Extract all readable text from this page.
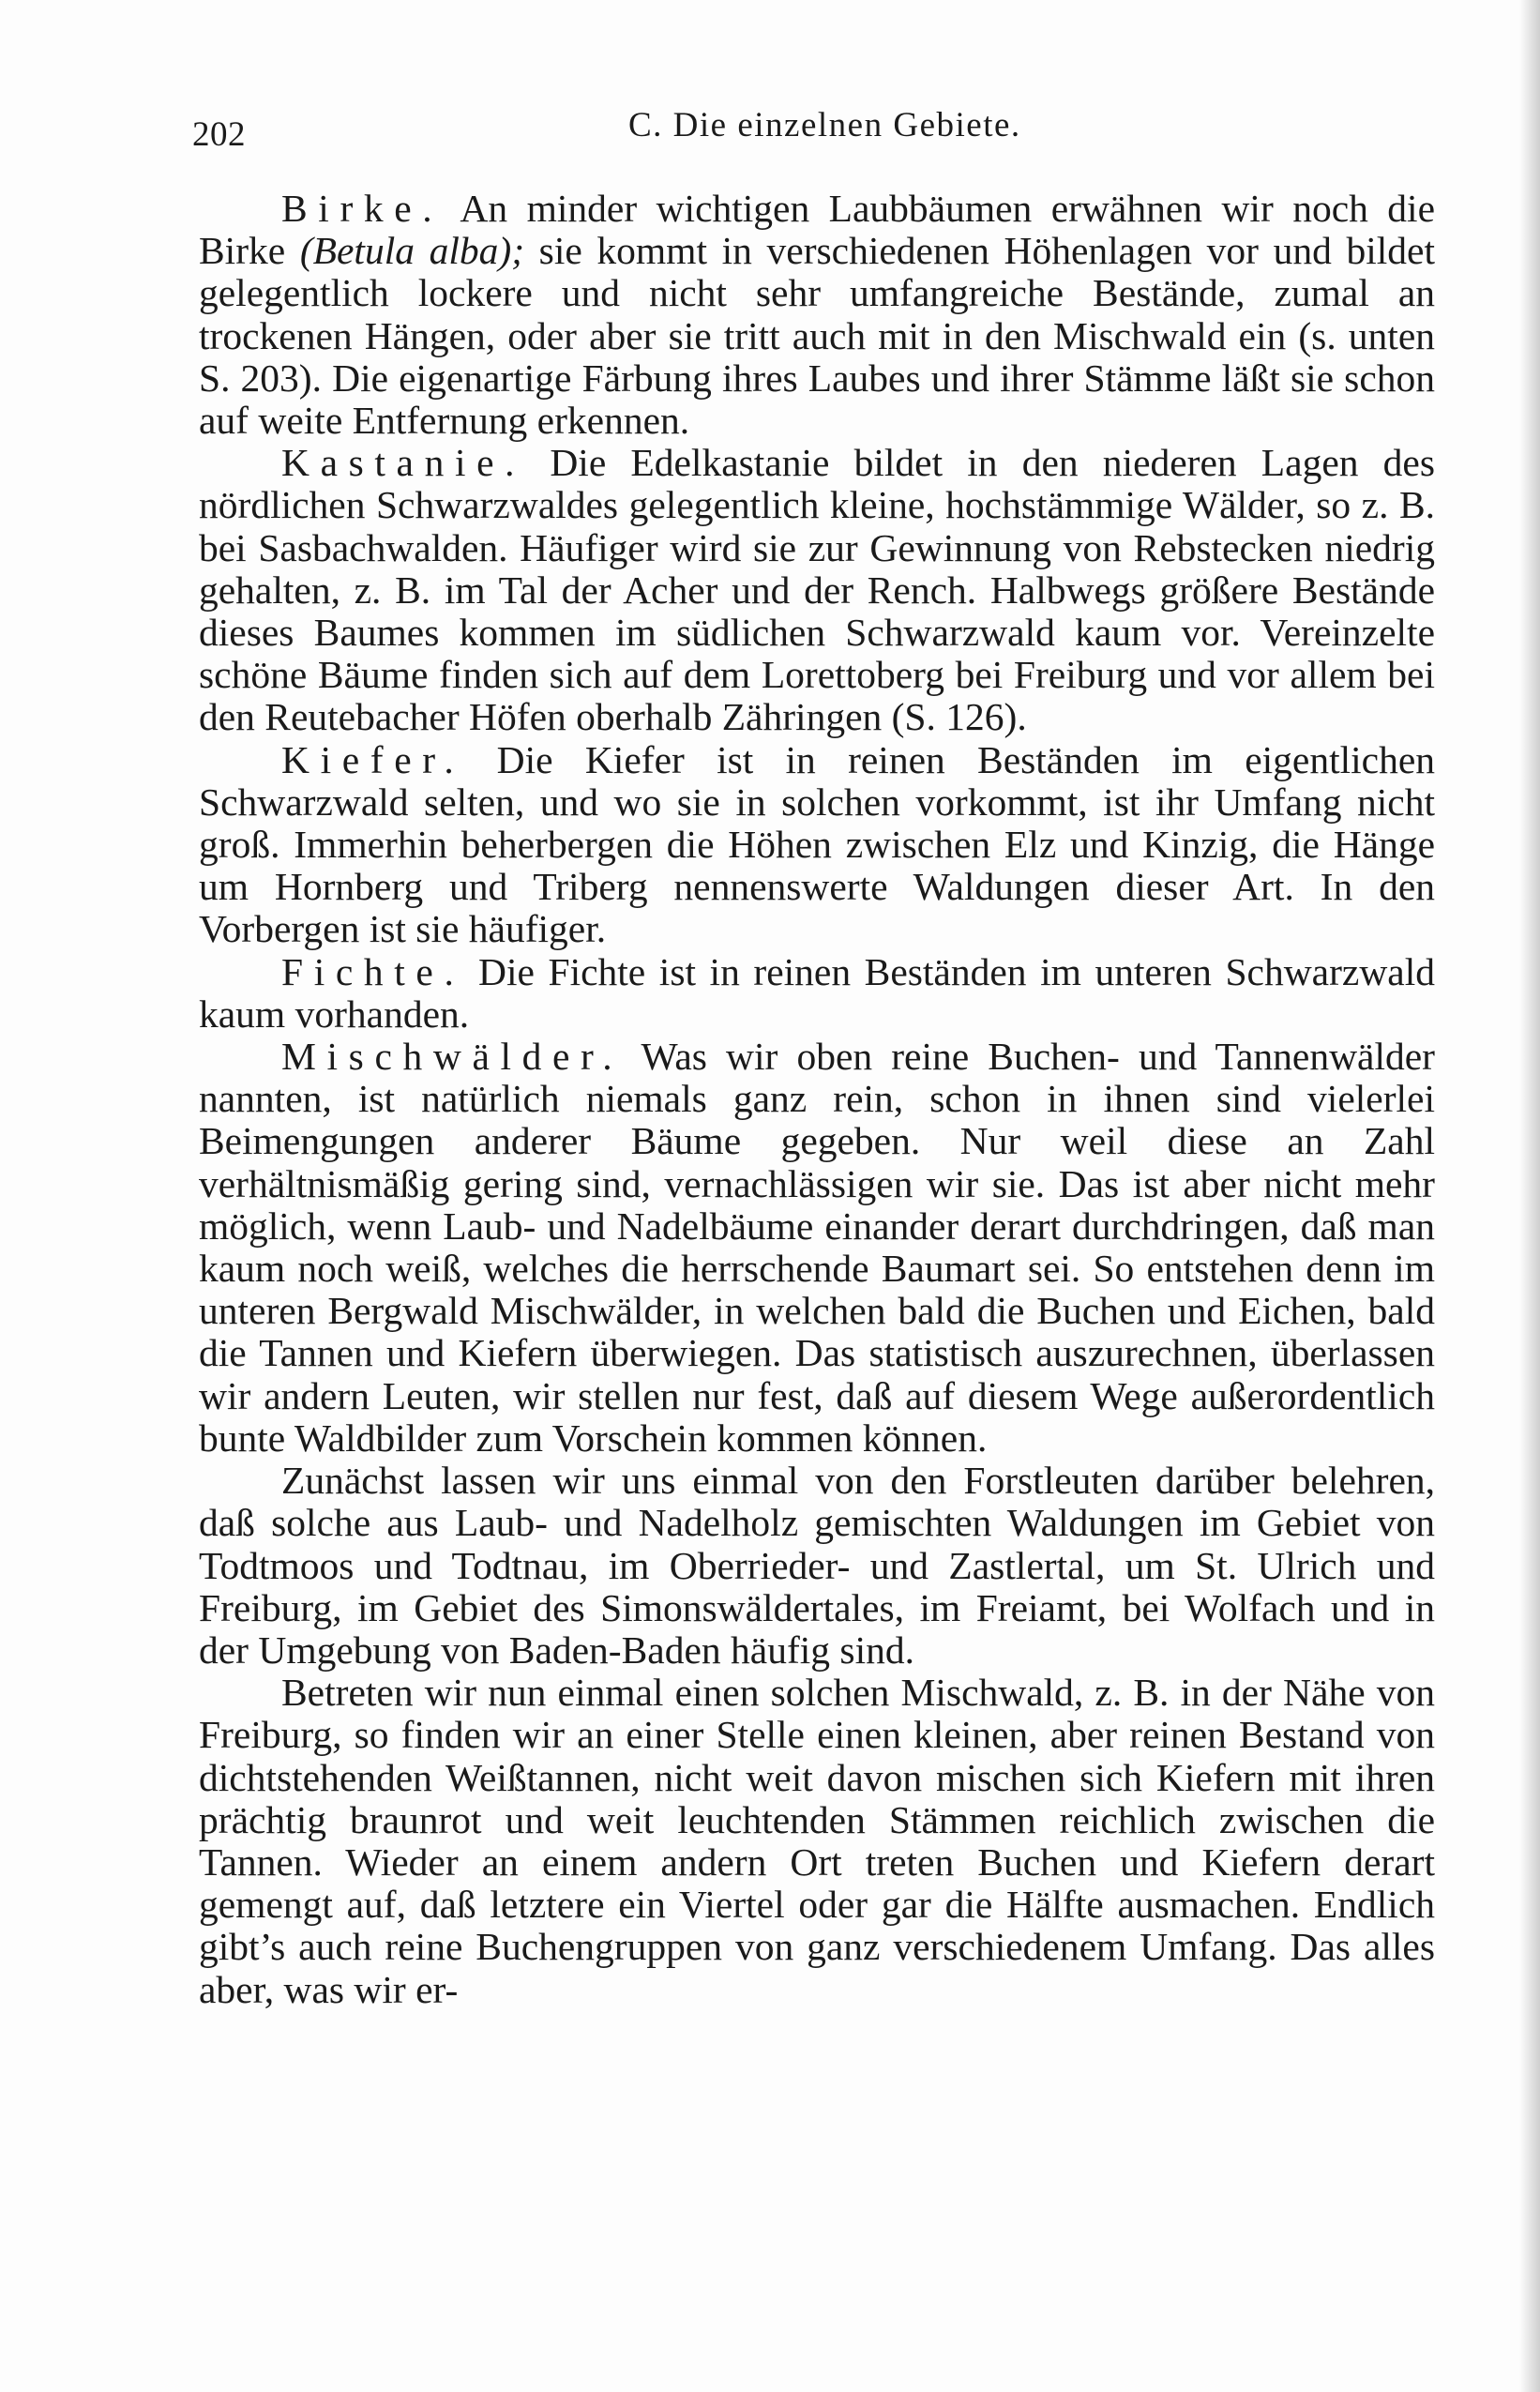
202	C. Die einzelnen Gebiete.

Birke. An minder wichtigen Laubbäumen erwähnen wir noch die Birke (Betula alba); sie kommt in verschiedenen Höhenlagen vor und bildet gelegentlich lockere und nicht sehr umfangreiche Bestände, zumal an trockenen Hängen, oder aber sie tritt auch mit in den Mischwald ein (s. unten S. 203). Die eigenartige Färbung ihres Laubes und ihrer Stämme läßt sie schon auf weite Entfernung erkennen.

Kastanie. Die Edelkastanie bildet in den niederen Lagen des nördlichen Schwarzwaldes gelegentlich kleine, hochstämmige Wälder, so z. B. bei Sasbachwalden. Häufiger wird sie zur Gewinnung von Rebstecken niedrig gehalten, z. B. im Tal der Acher und der Rench. Halbwegs größere Bestände dieses Baumes kommen im südlichen Schwarzwald kaum vor. Vereinzelte schöne Bäume finden sich auf dem Lorettoberg bei Freiburg und vor allem bei den Reutebacher Höfen oberhalb Zähringen (S. 126).

Kiefer. Die Kiefer ist in reinen Beständen im eigentlichen Schwarzwald selten, und wo sie in solchen vorkommt, ist ihr Umfang nicht groß. Immerhin beherbergen die Höhen zwischen Elz und Kinzig, die Hänge um Hornberg und Triberg nennenswerte Waldungen dieser Art. In den Vorbergen ist sie häufiger.

Fichte. Die Fichte ist in reinen Beständen im unteren Schwarzwald kaum vorhanden.

Mischwälder. Was wir oben reine Buchen- und Tannenwälder nannten, ist natürlich niemals ganz rein, schon in ihnen sind vielerlei Beimengungen anderer Bäume gegeben. Nur weil diese an Zahl verhältnismäßig gering sind, vernachlässigen wir sie. Das ist aber nicht mehr möglich, wenn Laub- und Nadelbäume einander derart durchdringen, daß man kaum noch weiß, welches die herrschende Baumart sei. So entstehen denn im unteren Bergwald Mischwälder, in welchen bald die Buchen und Eichen, bald die Tannen und Kiefern überwiegen. Das statistisch auszurechnen, überlassen wir andern Leuten, wir stellen nur fest, daß auf diesem Wege außerordentlich bunte Waldbilder zum Vorschein kommen können.

Zunächst lassen wir uns einmal von den Forstleuten darüber belehren, daß solche aus Laub- und Nadelholz gemischten Waldungen im Gebiet von Todtmoos und Todtnau, im Oberrieder- und Zastlertal, um St. Ulrich und Freiburg, im Gebiet des Simonswäldertales, im Freiamt, bei Wolfach und in der Umgebung von Baden-Baden häufig sind.

Betreten wir nun einmal einen solchen Mischwald, z. B. in der Nähe von Freiburg, so finden wir an einer Stelle einen kleinen, aber reinen Bestand von dichtstehenden Weißtannen, nicht weit davon mischen sich Kiefern mit ihren prächtig braunrot und weit leuchtenden Stämmen reichlich zwischen die Tannen. Wieder an einem andern Ort treten Buchen und Kiefern derart gemengt auf, daß letztere ein Viertel oder gar die Hälfte ausmachen. Endlich gibt’s auch reine Buchengruppen von ganz verschiedenem Umfang. Das alles aber, was wir er-
